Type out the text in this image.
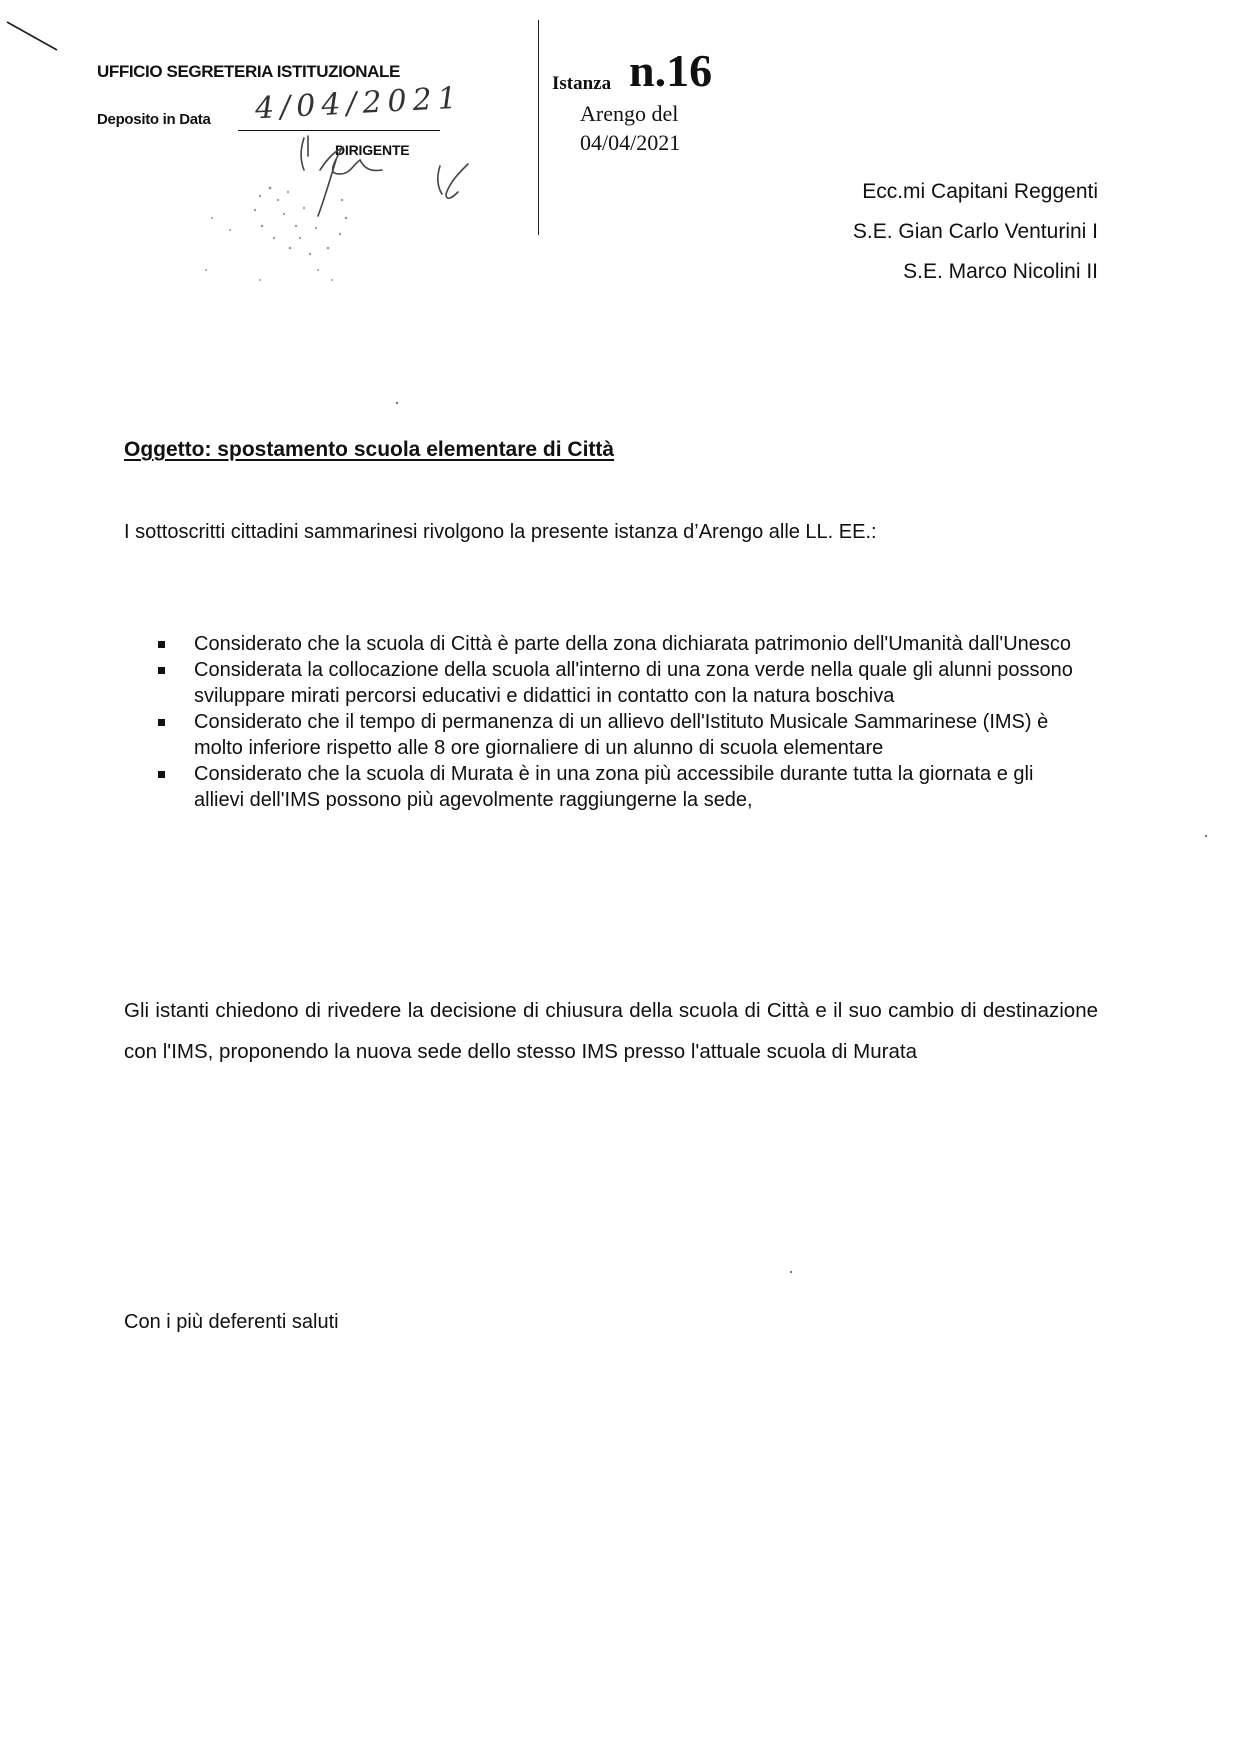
UFFICIO SEGRETERIA ISTITUZIONALE
Deposito in Data 4/04/2021
DIRIGENTE
Istanza n.16
Arengo del
04/04/2021
Ecc.mi Capitani Reggenti
S.E. Gian Carlo Venturini I
S.E. Marco Nicolini II
Oggetto: spostamento scuola elementare di Città
I sottoscritti cittadini sammarinesi rivolgono la presente istanza d’Arengo alle LL. EE.:
Considerato che la scuola di Città è parte della zona dichiarata patrimonio dell'Umanità dall'Unesco
Considerata la collocazione della scuola all'interno di una zona verde nella quale gli alunni possono sviluppare mirati percorsi educativi e didattici in contatto con la natura boschiva
Considerato che il tempo di permanenza di un allievo dell'Istituto Musicale Sammarinese (IMS) è molto inferiore rispetto alle 8 ore giornaliere di un alunno di scuola elementare
Considerato che la scuola di Murata è in una zona più accessibile durante tutta la giornata e gli allievi dell'IMS possono più agevolmente raggiungerne la sede,
Gli istanti chiedono di rivedere la decisione di chiusura della scuola di Città e il suo cambio di destinazione con l'IMS, proponendo la nuova sede dello stesso IMS presso l'attuale scuola di Murata
Con i più deferenti saluti
